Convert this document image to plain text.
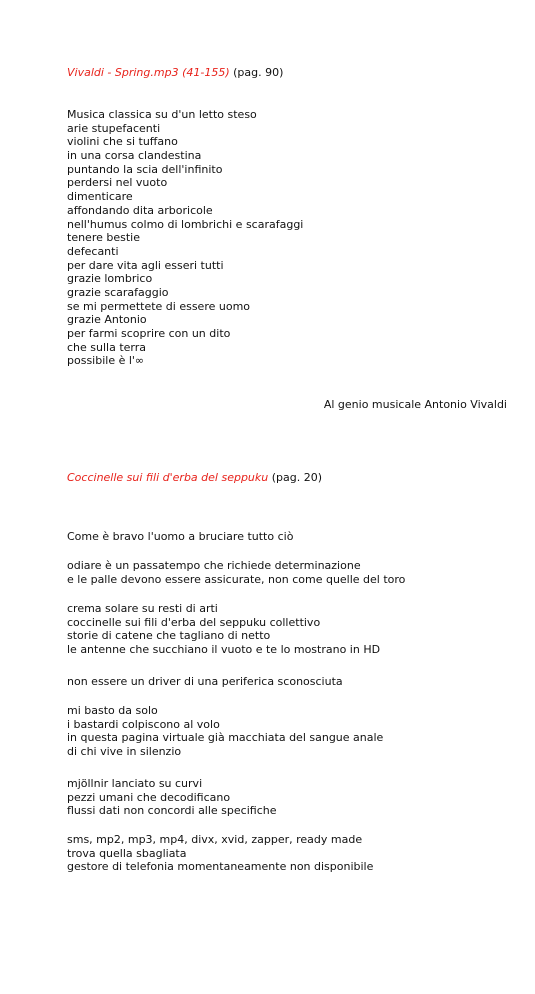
Vivaldi - Spring.mp3 (41-155) (pag. 90)
Musica classica su d'un letto steso
arie stupefacenti
violini che si tuffano
in una corsa clandestina
puntando la scia dell'infinito
perdersi nel vuoto
dimenticare
affondando dita arboricole
nell'humus colmo di lombrichi e scarafaggi
tenere bestie
defecanti
per dare vita agli esseri tutti
grazie lombrico
grazie scarafaggio
se mi permettete di essere uomo
grazie Antonio
per farmi scoprire con un dito
che sulla terra
possibile è l'∞
Al genio musicale Antonio Vivaldi
Coccinelle sui fili d'erba del seppuku (pag. 20)
Come è bravo l'uomo a bruciare tutto ciò
odiare è un passatempo che richiede determinazione
e le palle devono essere assicurate, non come quelle del toro
crema solare su resti di arti
coccinelle sui fili d'erba del seppuku collettivo
storie di catene che tagliano di netto
le antenne che succhiano il vuoto e te lo mostrano in HD
non essere un driver di una periferica sconosciuta
mi basto da solo
i bastardi colpiscono al volo
in questa pagina virtuale già macchiata del sangue anale
di chi vive in silenzio
mjöllnir lanciato su curvi
pezzi umani che decodificano
flussi dati non concordi alle specifiche
sms, mp2, mp3, mp4, divx, xvid, zapper, ready made
trova quella sbagliata
gestore di telefonia momentaneamente non disponibile
